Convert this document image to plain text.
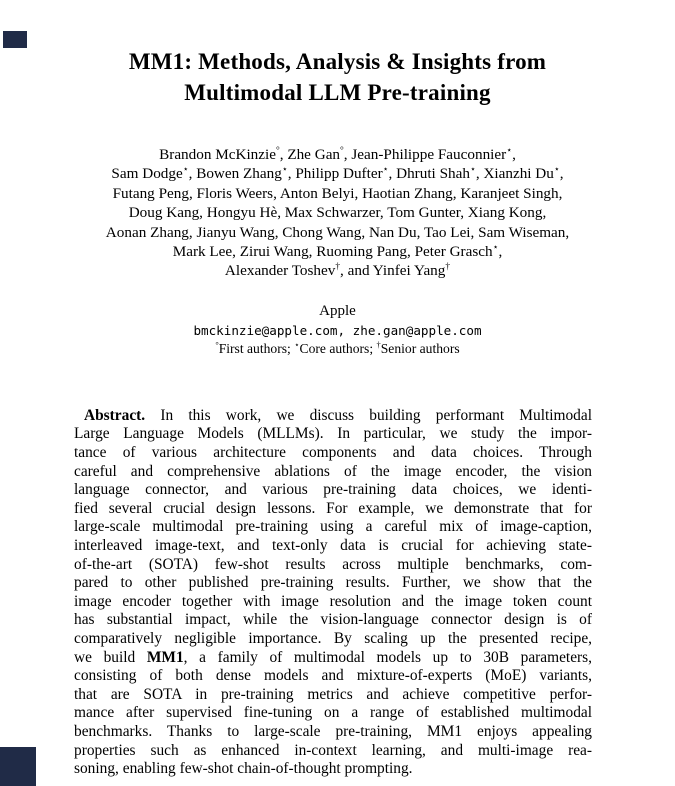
MM1: Methods, Analysis & Insights from
Multimodal LLM Pre-training
Brandon McKinzie°, Zhe Gan°, Jean-Philippe Fauconnier⋆,
Sam Dodge⋆, Bowen Zhang⋆, Philipp Dufter⋆, Dhruti Shah⋆, Xianzhi Du⋆,
Futang Peng, Floris Weers, Anton Belyi, Haotian Zhang, Karanjeet Singh,
Doug Kang, Hongyu Hè, Max Schwarzer, Tom Gunter, Xiang Kong,
Aonan Zhang, Jianyu Wang, Chong Wang, Nan Du, Tao Lei, Sam Wiseman,
Mark Lee, Zirui Wang, Ruoming Pang, Peter Grasch⋆,
Alexander Toshev†, and Yinfei Yang†
Apple
bmckinzie@apple.com, zhe.gan@apple.com
°First authors; ⋆Core authors; †Senior authors
Abstract. In this work, we discuss building performant Multimodal
Large Language Models (MLLMs). In particular, we study the impor-
tance of various architecture components and data choices. Through
careful and comprehensive ablations of the image encoder, the vision
language connector, and various pre-training data choices, we identi-
fied several crucial design lessons. For example, we demonstrate that for
large-scale multimodal pre-training using a careful mix of image-caption,
interleaved image-text, and text-only data is crucial for achieving state-
of-the-art (SOTA) few-shot results across multiple benchmarks, com-
pared to other published pre-training results. Further, we show that the
image encoder together with image resolution and the image token count
has substantial impact, while the vision-language connector design is of
comparatively negligible importance. By scaling up the presented recipe,
we build MM1, a family of multimodal models up to 30B parameters,
consisting of both dense models and mixture-of-experts (MoE) variants,
that are SOTA in pre-training metrics and achieve competitive perfor-
mance after supervised fine-tuning on a range of established multimodal
benchmarks. Thanks to large-scale pre-training, MM1 enjoys appealing
properties such as enhanced in-context learning, and multi-image rea-
soning, enabling few-shot chain-of-thought prompting.
